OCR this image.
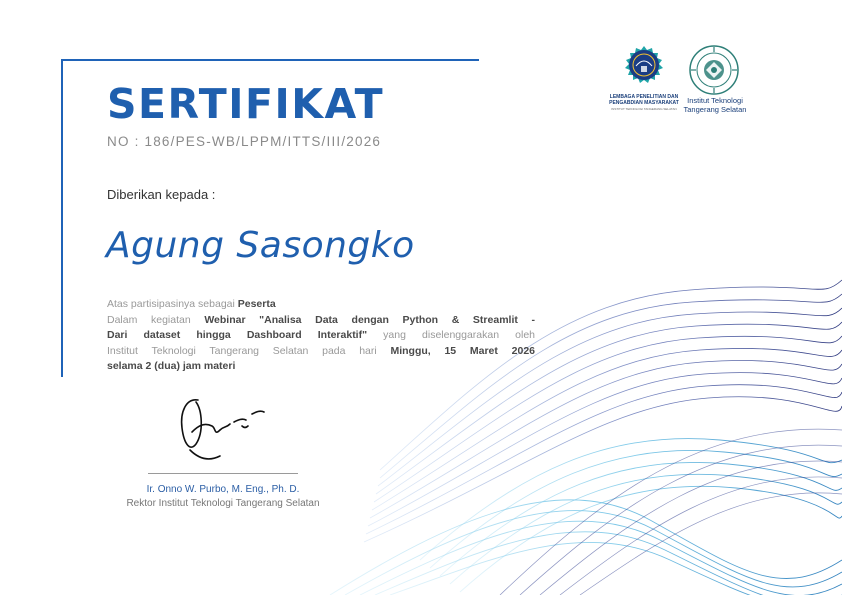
SERTIFIKAT
NO : 186/PES-WB/LPPM/ITTS/III/2026
Diberikan kepada :
Agung Sasongko
Atas partisipasinya sebagai Peserta
Dalam kegiatan Webinar "Analisa Data dengan Python & Streamlit -
Dari dataset hingga Dashboard Interaktif" yang diselenggarakan oleh
Institut Teknologi Tangerang Selatan pada hari Minggu, 15 Maret 2026
selama 2 (dua) jam materi
Ir. Onno W. Purbo, M. Eng., Ph. D.
Rektor Institut Teknologi Tangerang Selatan
LEMBAGA PENELITIAN DAN
PENGABDIAN MASYARAKAT
INSTITUT TEKNOLOGI TANGERANG SELATAN
Institut Teknologi
Tangerang Selatan
